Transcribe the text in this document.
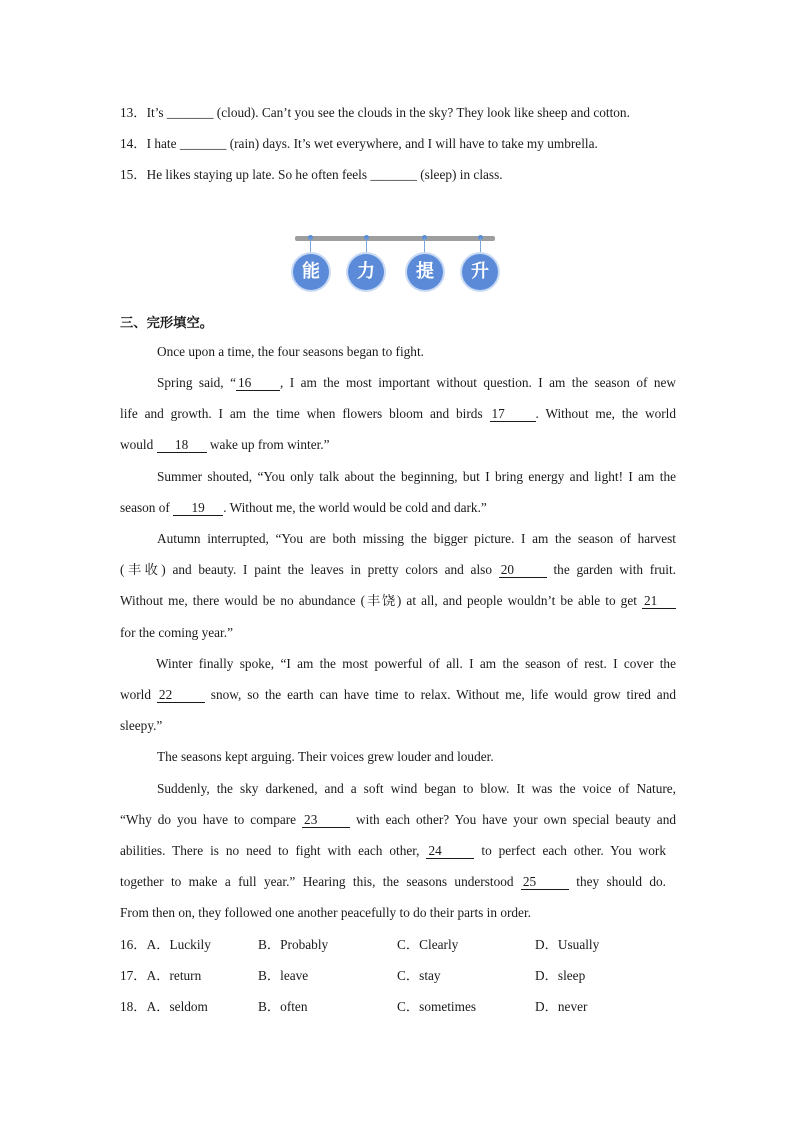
13．It’s _______ (cloud). Can’t you see the clouds in the sky? They look like sheep and cotton.
14．I hate _______ (rain) days. It’s wet everywhere, and I will have to take my umbrella.
15．He likes staying up late. So he often feels _______ (sleep) in class.
能	力	提	升
三、完形填空。
Once upon a time, the four seasons began to fight.
Spring said, “ 16 , I am the most important without question. I am the season of new
life and growth. I am the time when flowers bloom and birds 17 . Without me, the world
would 18 wake up from winter.”
Summer shouted, “You only talk about the beginning, but I bring energy and light! I am the
season of 19 . Without me, the world would be cold and dark.”
Autumn interrupted, “You are both missing the bigger picture. I am the season of harvest
(丰收) and beauty. I paint the leaves in pretty colors and also 20 the garden with fruit.
Without me, there would be no abundance (丰饶) at all, and people wouldn’t be able to get 21
for the coming year.”
Winter finally spoke, “I am the most powerful of all. I am the season of rest. I cover the
world 22 snow, so the earth can have time to relax. Without me, life would grow tired and
sleepy.”
The seasons kept arguing. Their voices grew louder and louder.
Suddenly, the sky darkened, and a soft wind began to blow. It was the voice of Nature,
“Why do you have to compare 23 with each other? You have your own special beauty and
abilities. There is no need to fight with each other, 24 to perfect each other. You work
together to make a full year.” Hearing this, the seasons understood 25 they should do.
From then on, they followed one another peacefully to do their parts in order.
16．A．Luckily	B．Probably	C．Clearly	D．Usually
17．A．return	B．leave	C．stay	D．sleep
18．A．seldom	B．often	C．sometimes	D．never
